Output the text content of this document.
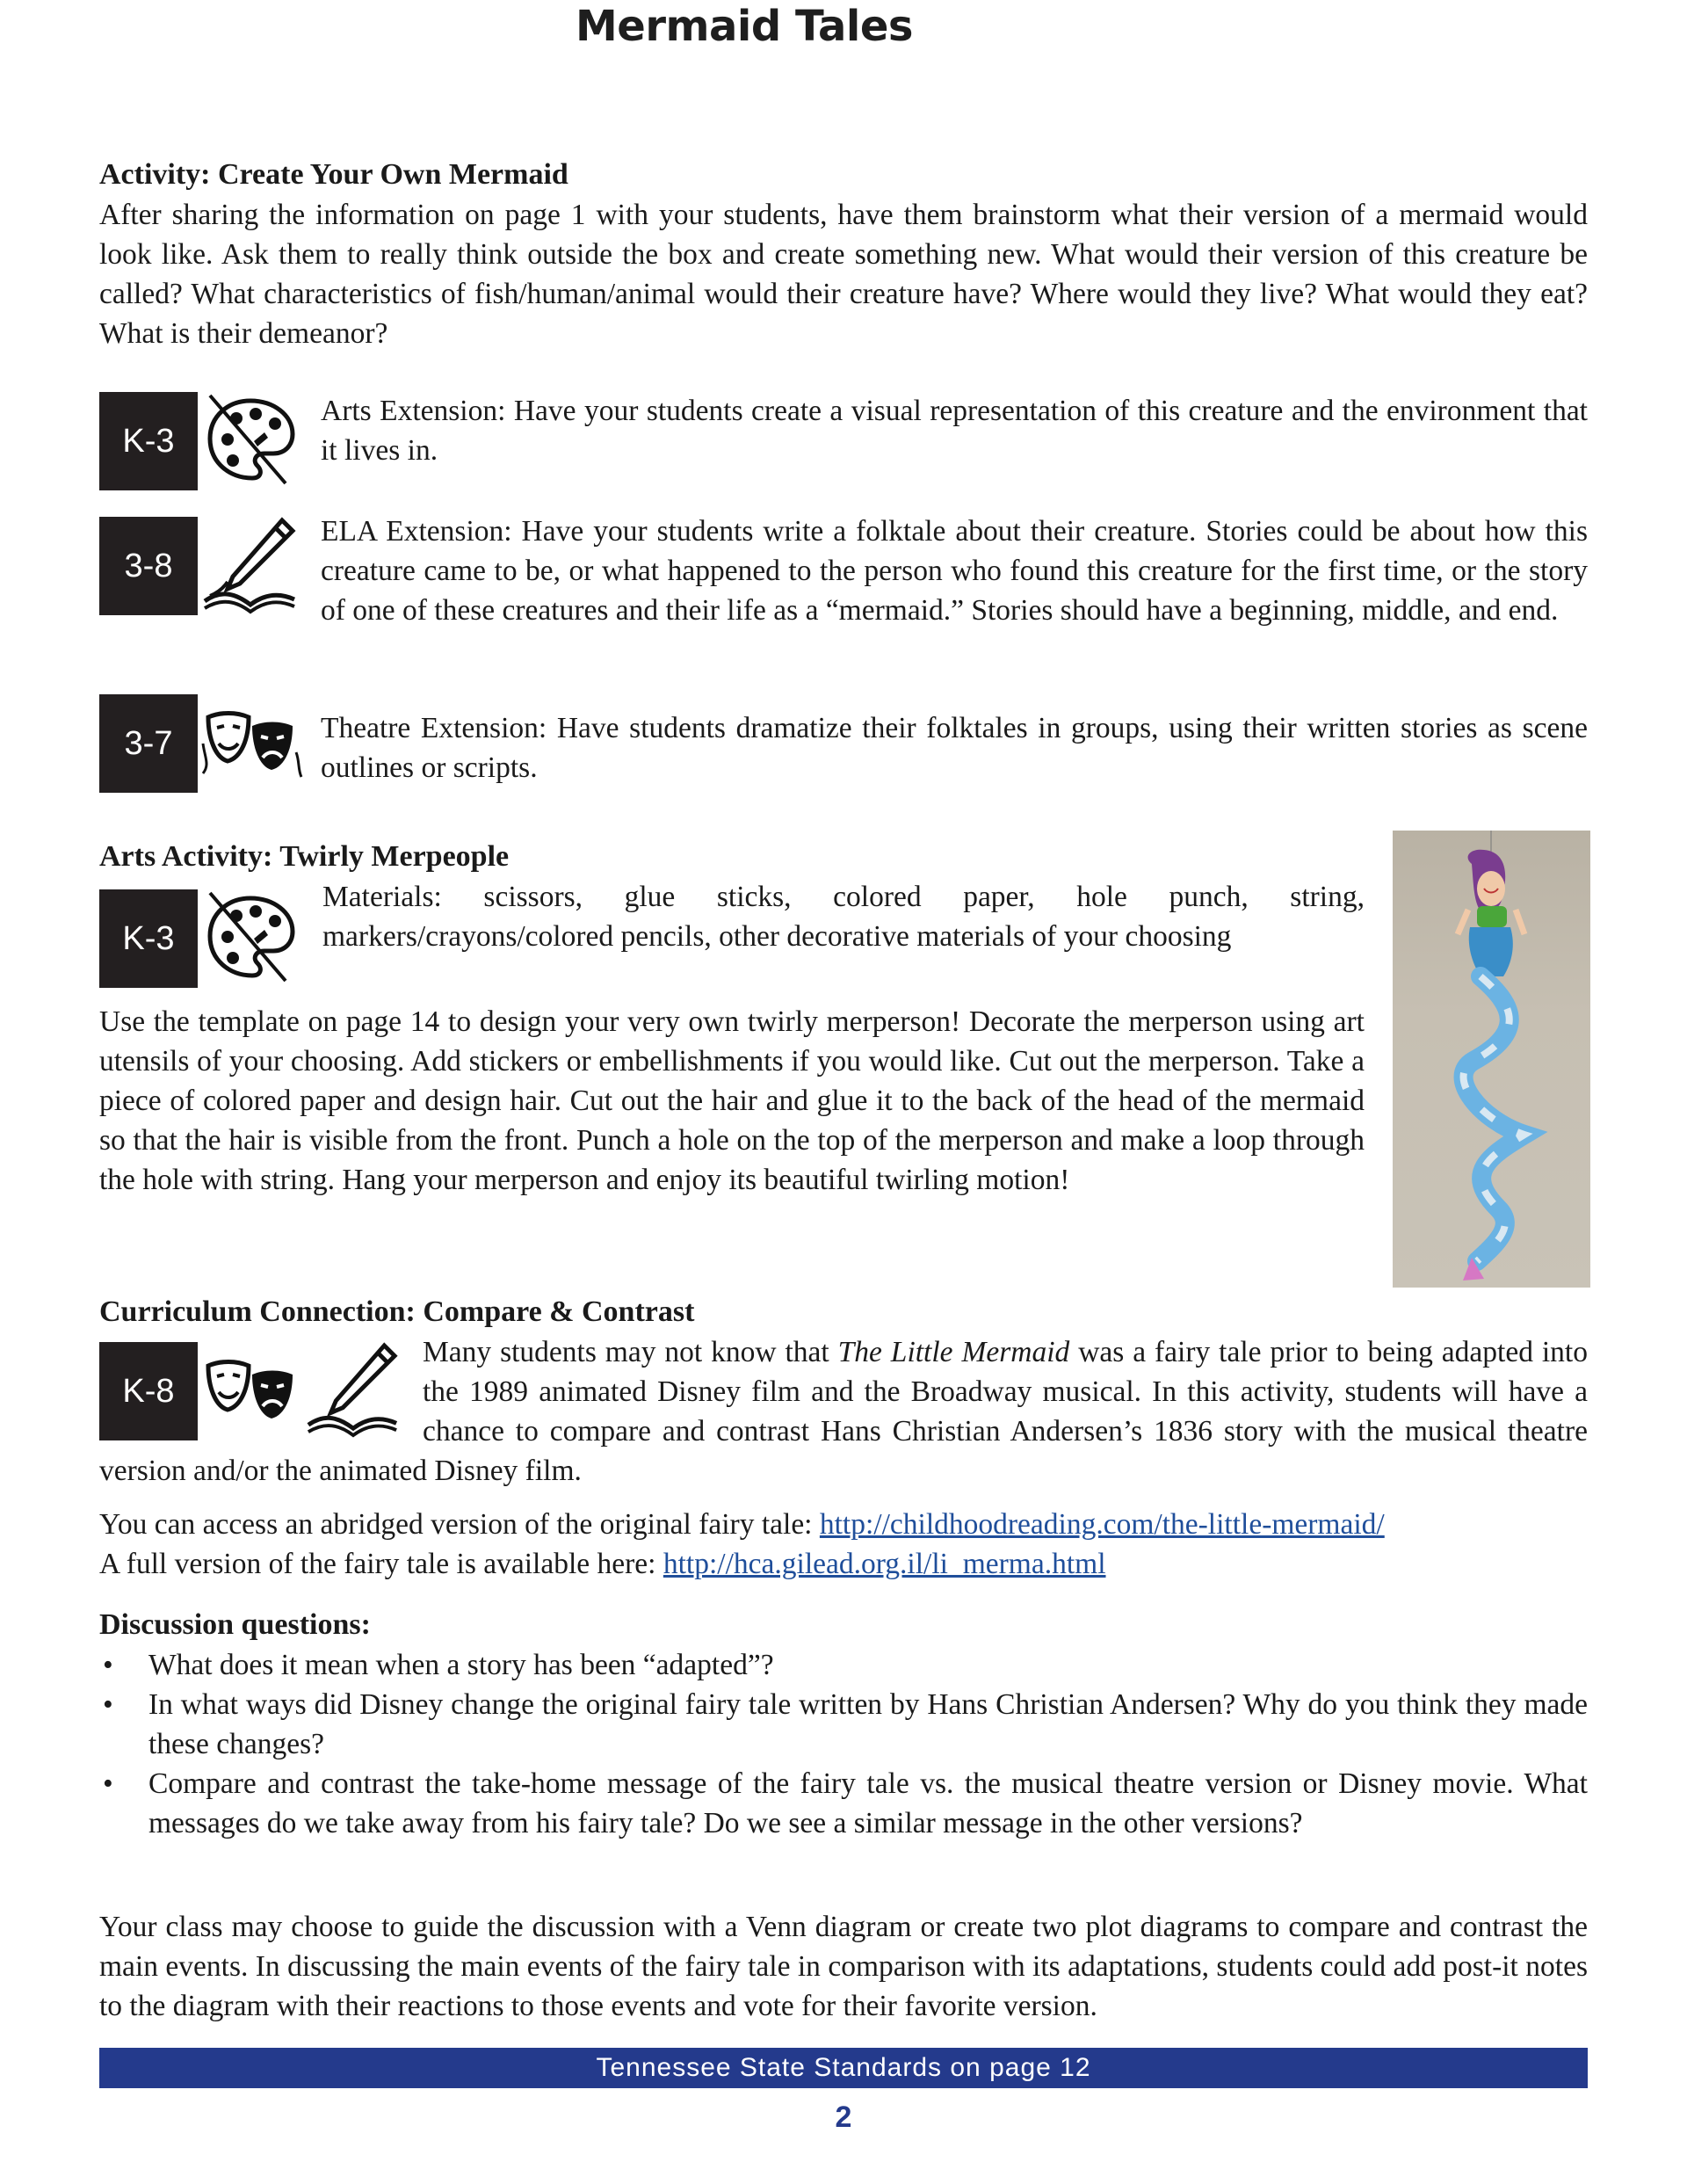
Mermaid Tales
Activity: Create Your Own Mermaid
After sharing the information on page 1 with your students, have them brainstorm what their version of a mermaid would look like. Ask them to really think outside the box and create something new. What would their version of this creature be called? What characteristics of fish/human/animal would their creature have? Where would they live? What would they eat? What is their demeanor?
K-3
Arts Extension: Have your students create a visual representation of this creature and the environment that it lives in.
3-8
ELA Extension: Have your students write a folktale about their creature. Stories could be about how this creature came to be, or what happened to the person who found this creature for the first time, or the story of one of these creatures and their life as a “mermaid.” Stories should have a beginning, middle, and end.
3-7	Theatre Extension: Have students dramatize their folktales in groups, using their written stories as scene outlines or scripts.
Arts Activity: Twirly Merpeople
K-3
Materials: scissors, glue sticks, colored paper, hole punch, string, markers/crayons/colored pencils, other decorative materials of your choosing
Use the template on page 14 to design your very own twirly merperson! Decorate the merperson using art utensils of your choosing. Add stickers or embellishments if you would like. Cut out the merperson. Take a piece of colored paper and design hair. Cut out the hair and glue it to the back of the head of the mermaid so that the hair is visible from the front. Punch a hole on the top of the merperson and make a loop through the hole with string. Hang your merperson and enjoy its beautiful twirling motion!
Curriculum Connection: Compare & Contrast
K-8
Many students may not know that The Little Mermaid was a fairy tale prior to being adapted into the 1989 animated Disney film and the Broadway musical. In this activity, students will have a chance to compare and contrast Hans Christian Andersen’s 1836 story with the musical theatre version and/or the animated Disney film.
You can access an abridged version of the original fairy tale: http://childhoodreading.com/the-little-mermaid/
A full version of the fairy tale is available here: http://hca.gilead.org.il/li_merma.html
Discussion questions:
• What does it mean when a story has been “adapted”?
• In what ways did Disney change the original fairy tale written by Hans Christian Andersen? Why do you think they made these changes?
• Compare and contrast the take-home message of the fairy tale vs. the musical theatre version or Disney movie. What messages do we take away from his fairy tale? Do we see a similar message in the other versions?
Your class may choose to guide the discussion with a Venn diagram or create two plot diagrams to compare and contrast the main events. In discussing the main events of the fairy tale in comparison with its adaptations, students could add post-it notes to the diagram with their reactions to those events and vote for their favorite version.
Tennessee State Standards on page 12
2
